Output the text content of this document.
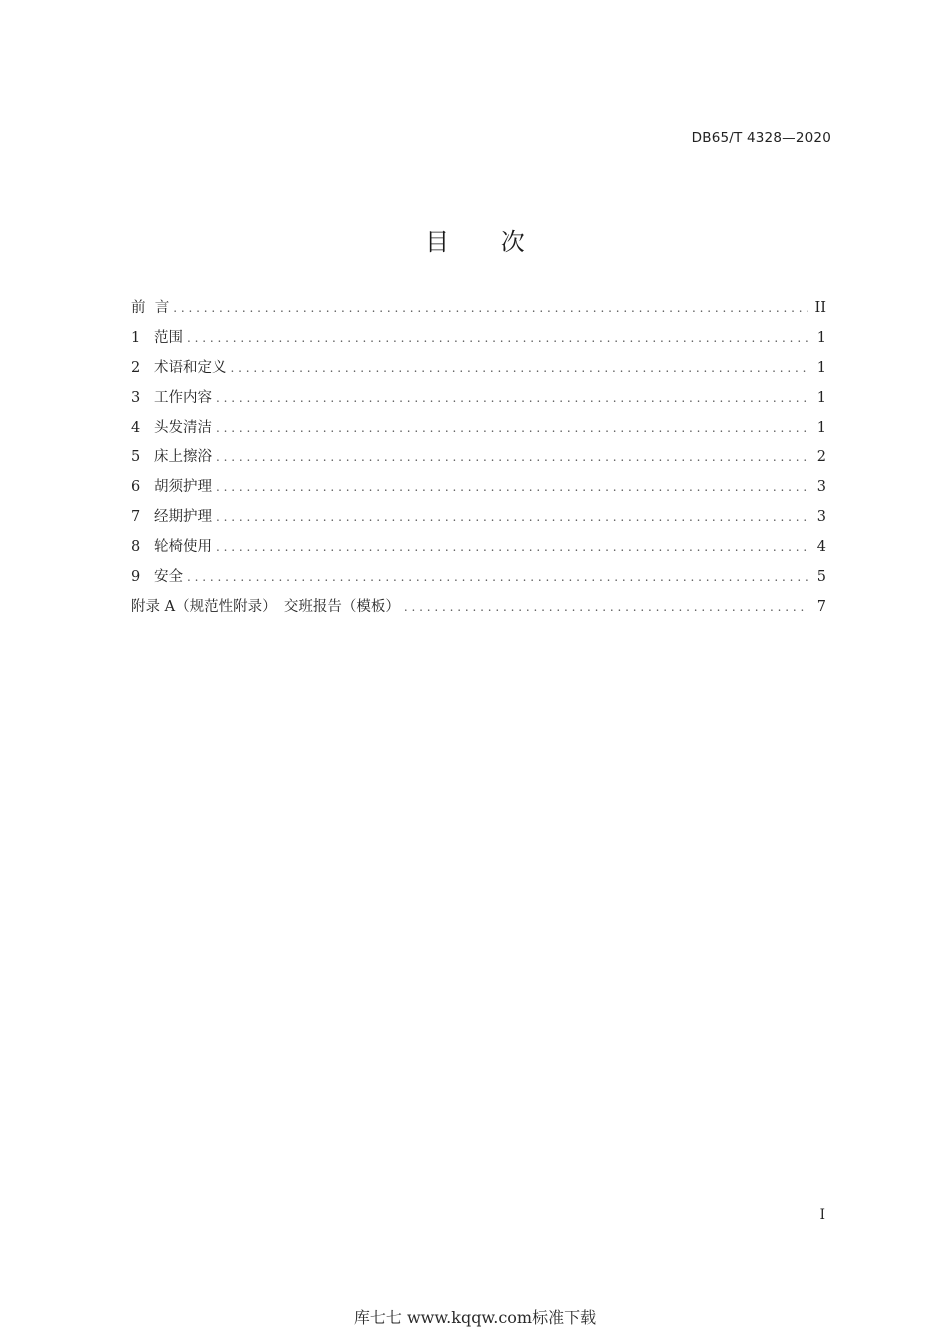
DB65/T 4328—2020
目 次
前  言 . . .	II
1 范围 . . .	1
2 术语和定义 . . .	1
3 工作内容 . . .	1
4 头发清洁 . . .	1
5 床上擦浴 . . .	2
6 胡须护理 . . .	3
7 经期护理 . . .	3
8 轮椅使用 . . .	4
9 安全 . . .	5
附录 A（规范性附录）　交班报告（模板） . . .	7
I
库七七 www.kqqw.com标准下载
